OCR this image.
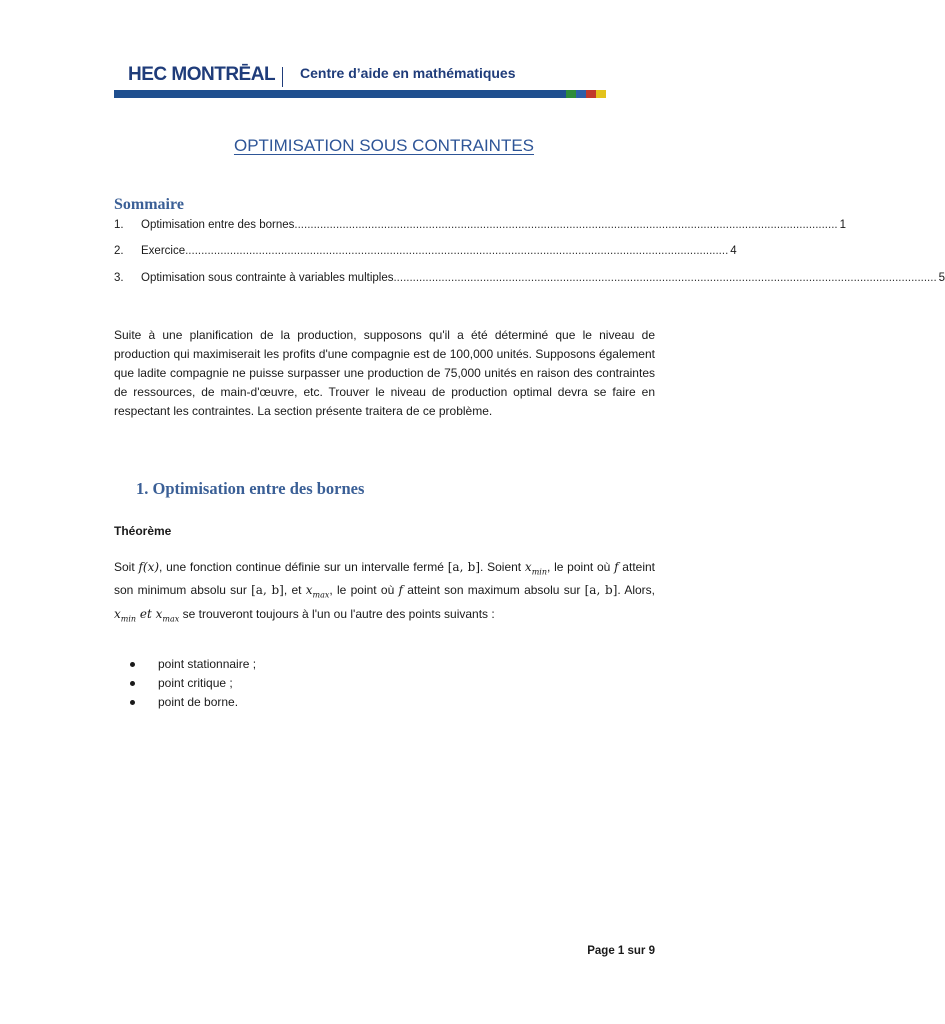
HEC MONTRĒAL Centre d’aide en mathématiques
OPTIMISATION SOUS CONTRAINTES
Sommaire
1.	Optimisation entre des bornes .......................................................................................................................................................................... 1
2.	Exercice .......................................................................................................................................................................... 4
3.	Optimisation sous contrainte à variables multiples .......................................................................................................................................................................... 5

Suite à une planification de la production, supposons qu'il a été déterminé que le niveau de production qui maximiserait les profits d'une compagnie est de 100,000 unités. Supposons également que ladite compagnie ne puisse surpasser une production de 75,000 unités en raison des contraintes de ressources, de main-d'œuvre, etc. Trouver le niveau de production optimal devra se faire en respectant les contraintes. La section présente traitera de ce problème.

1. Optimisation entre des bornes
Théorème

Soit f(x), une fonction continue définie sur un intervalle fermé [a, b]. Soient $x_{min}$, le point où f atteint son minimum absolu sur [a, b], et $x_{max}$, le point où f atteint son maximum absolu sur [a, b]. Alors, $x_{min}$ et $x_{max}$ se trouveront toujours à l'un ou l'autre des points suivants :

point stationnaire ;
point critique ;
point de borne.
Page 1 sur 9
